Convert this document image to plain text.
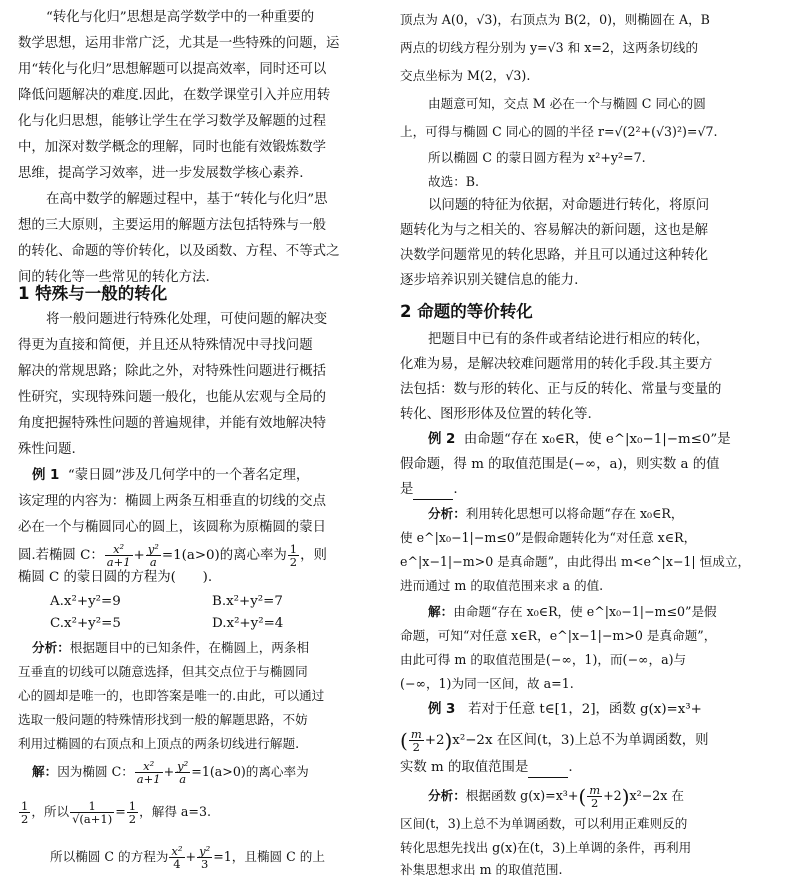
“转化与化归”思想是高学数学中的一种重要的
数学思想，运用非常广泛，尤其是一些特殊的问题，运
用“转化与化归”思想解题可以提高效率，同时还可以
降低问题解决的难度.因此，在数学课堂引入并应用转
化与化归思想，能够让学生在学习数学及解题的过程
中，加深对数学概念的理解，同时也能有效锻炼数学
思维，提高学习效率，进一步发展数学核心素养.
在高中数学的解题过程中，基于“转化与化归”思
想的三大原则，主要运用的解题方法包括特殊与一般
的转化、命题的等价转化，以及函数、方程、不等式之
间的转化等一些常见的转化方法.
1 特殊与一般的转化
将一般问题进行特殊化处理，可使问题的解决变
得更为直接和简便，并且还从特殊情况中寻找问题
解决的常规思路；除此之外，对特殊性问题进行概括
性研究，实现特殊问题一般化，也能从宏观与全局的
角度把握特殊性问题的普遍规律，并能有效地解决特
殊性问题.
例 1 “蒙日圆”涉及几何学中的一个著名定理，
该定理的内容为：椭圆上两条互相垂直的切线的交点
必在一个与椭圆同心的圆上，该圆称为原椭圆的蒙日
圆.若椭圆 C： $\frac{\text{x²}}{a+1} + \frac{\text{y²}}{a} =1(a>0)$的离心率为 $\frac{1}{2}$ ，则
椭圆 C 的蒙日圆的方程为(　　).
A.x²+y²=9	B.x²+y²=7
C.x²+y²=5	D.x²+y²=4
分析：根据题目中的已知条件，在椭圆上，两条相
互垂直的切线可以随意选择，但其交点位于与椭圆同
心的圆却是唯一的，也即答案是唯一的.由此，可以通过
选取一般问题的特殊情形找到一般的解题思路，不妨
利用过椭圆的右顶点和上顶点的两条切线进行解题.
解：因为椭圆 C： $\frac{\text{x²}}{a+1} + \frac{\text{y²}}{a} =1(a>0)$的离心率为
$\frac{1}{2}$ ，所以 $\frac{1}{√(a+1)} = \frac{1}{2}$ ，解得 a=3.
所以椭圆 C 的方程为 $\frac{\text{x²}}{4} + \frac{\text{y²}}{3} =1$，且椭圆 C 的上
顶点为 A(0，√3)，右顶点为 B(2，0)，则椭圆在 A，B
两点的切线方程分别为 y=√3 和 x=2，这两条切线的
交点坐标为 M(2，√3).
由题意可知，交点 M 必在一个与椭圆 C 同心的圆
上，可得与椭圆 C 同心的圆的半径 r=√(2²+(√3)²)=√7.
所以椭圆 C 的蒙日圆方程为 x²+y²=7.
故选：B.
以问题的特征为依据，对命题进行转化，将原问
题转化为与之相关的、容易解决的新问题，这也是解
决数学问题常见的转化思路，并且可以通过这种转化
逐步培养识别关键信息的能力.
2 命题的等价转化
把题目中已有的条件或者结论进行相应的转化，
化难为易，是解决较难问题常用的转化手段.其主要方
法包括：数与形的转化、正与反的转化、常量与变量的
转化、图形形体及位置的转化等.
例 2 由命题“存在 x₀∈R，使 e^|x₀−1|−m≤0”是
假命题，得 m 的取值范围是(−∞，a)，则实数 a 的值
是	.
分析：利用转化思想可以将命题“存在 x₀∈R，
使 e^|x₀−1|−m≤0”是假命题转化为“对任意 x∈R，
e^|x−1|−m>0 是真命题”，由此得出 m<e^|x−1| 恒成立，
进而通过 m 的取值范围来求 a 的值.
解：由命题“存在 x₀∈R，使 e^|x₀−1|−m≤0”是假
命题，可知“对任意 x∈R，e^|x−1|−m>0 是真命题”，
由此可得 m 的取值范围是(−∞，1)，而(−∞，a)与
(−∞，1)为同一区间，故 a=1.
例 3 若对于任意 t∈[1，2]，函数 g(x)=x³+
( $\frac{m}{2} +2)x^2-2x$ 在区间(t，3)上总不为单调函数，则
实数 m 的取值范围是	.
分析：根据函数 $g(x)=x^3+( \frac{m}{2} +2)x^2-2x$ 在
区间(t，3)上总不为单调函数，可以利用正难则反的
转化思想先找出 g(x)在(t，3)上单调的条件，再利用
补集思想求出 m 的取值范围.
